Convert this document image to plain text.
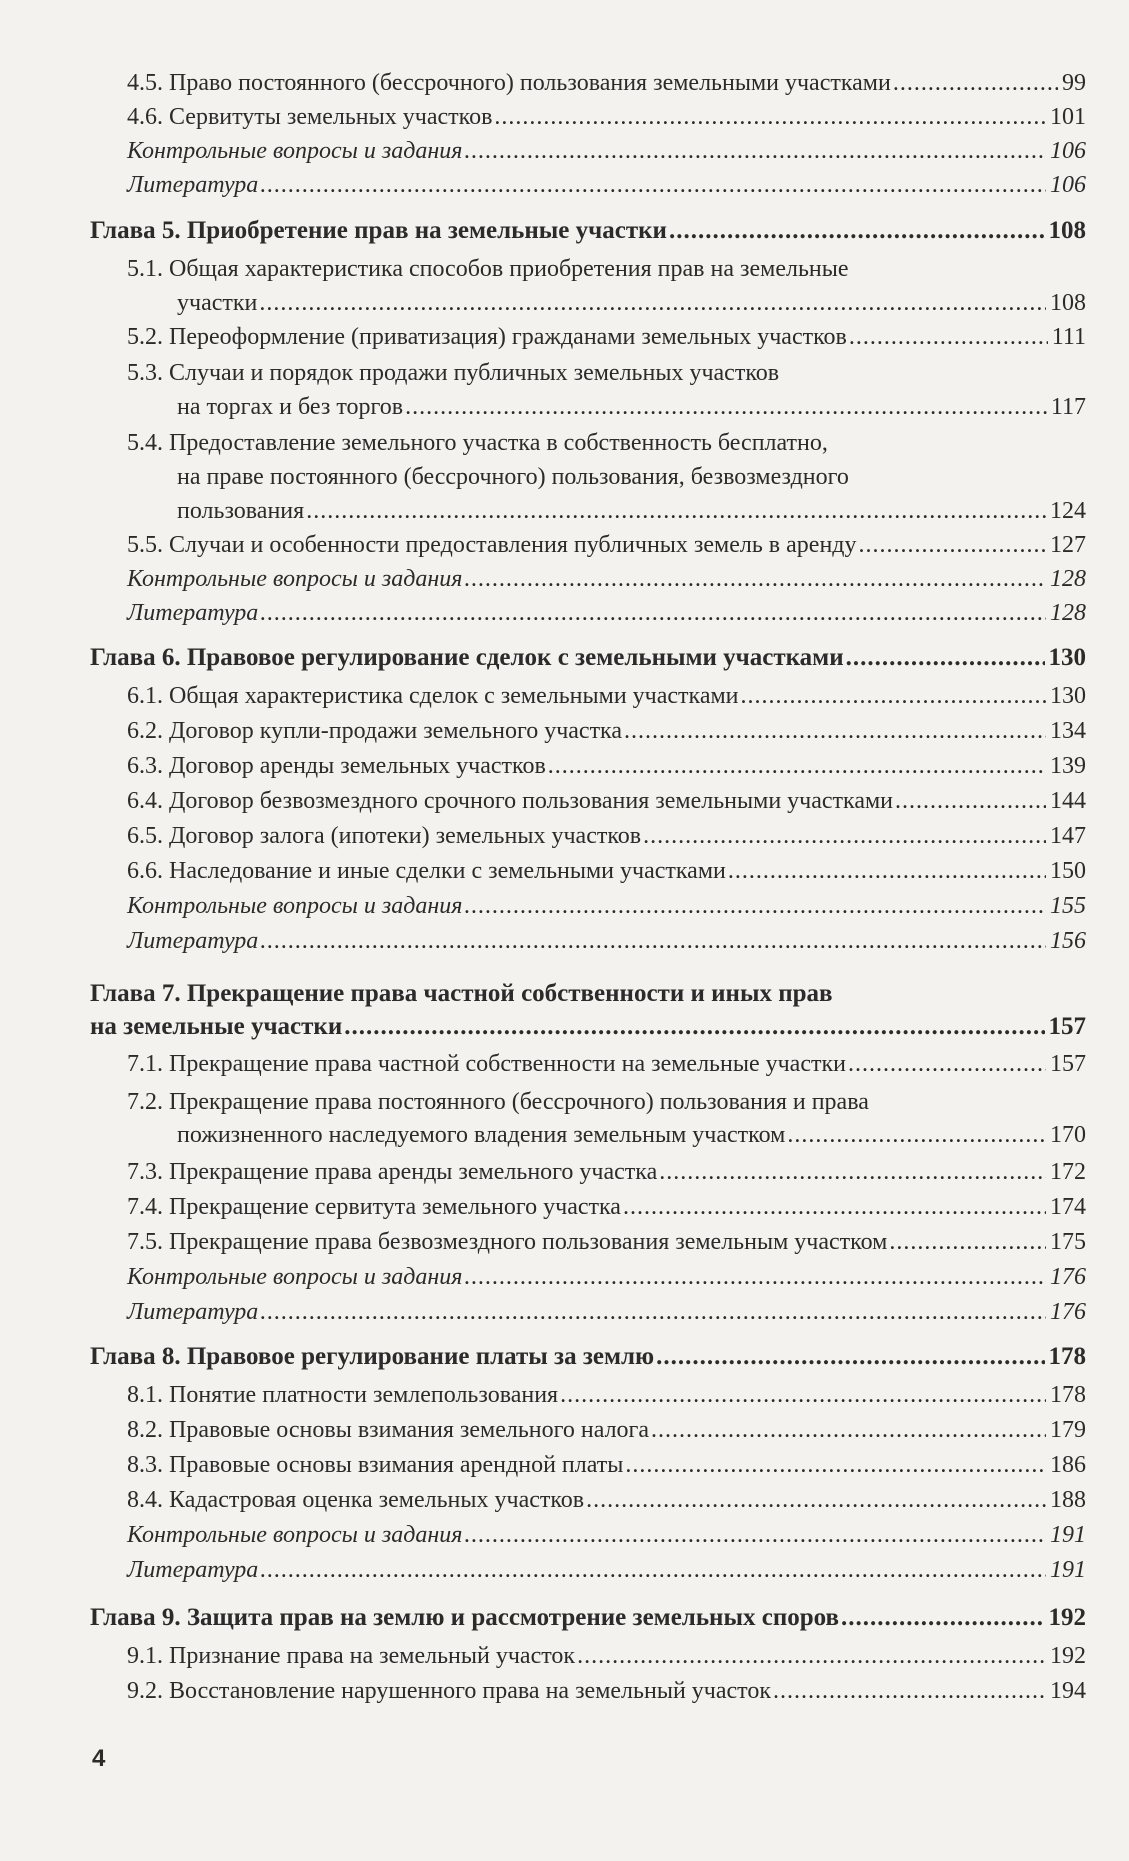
4.5. Право постоянного (бессрочного) пользования земельными участками .....	99
4.6. Сервитуты земельных участков .....	101
Контрольные вопросы и задания .....	106
Литература .....	106
Глава 5. Приобретение прав на земельные участки .....	108
5.1. Общая характеристика способов приобретения прав на земельные
участки .....	108
5.2. Переоформление (приватизация) гражданами земельных участков .....	111
5.3. Случаи и порядок продажи публичных земельных участков
на торгах и без торгов .....	117
5.4. Предоставление земельного участка в собственность бесплатно,
на праве постоянного (бессрочного) пользования, безвозмездного
пользования .....	124
5.5. Случаи и особенности предоставления публичных земель в аренду .....	127
Контрольные вопросы и задания .....	128
Литература .....	128
Глава 6. Правовое регулирование сделок с земельными участками .....	130
6.1. Общая характеристика сделок с земельными участками .....	130
6.2. Договор купли-продажи земельного участка .....	134
6.3. Договор аренды земельных участков .....	139
6.4. Договор безвозмездного срочного пользования земельными участками .....	144
6.5. Договор залога (ипотеки) земельных участков .....	147
6.6. Наследование и иные сделки с земельными участками .....	150
Контрольные вопросы и задания .....	155
Литература .....	156
Глава 7. Прекращение права частной собственности и иных прав
на земельные участки .....	157
7.1. Прекращение права частной собственности на земельные участки .....	157
7.2. Прекращение права постоянного (бессрочного) пользования и права
пожизненного наследуемого владения земельным участком .....	170
7.3. Прекращение права аренды земельного участка .....	172
7.4. Прекращение сервитута земельного участка .....	174
7.5. Прекращение права безвозмездного пользования земельным участком .....	175
Контрольные вопросы и задания .....	176
Литература .....	176
Глава 8. Правовое регулирование платы за землю .....	178
8.1. Понятие платности землепользования .....	178
8.2. Правовые основы взимания земельного налога .....	179
8.3. Правовые основы взимания арендной платы .....	186
8.4. Кадастровая оценка земельных участков .....	188
Контрольные вопросы и задания .....	191
Литература .....	191
Глава 9. Защита прав на землю и рассмотрение земельных споров .....	192
9.1. Признание права на земельный участок .....	192
9.2. Восстановление нарушенного права на земельный участок .....	194
4
